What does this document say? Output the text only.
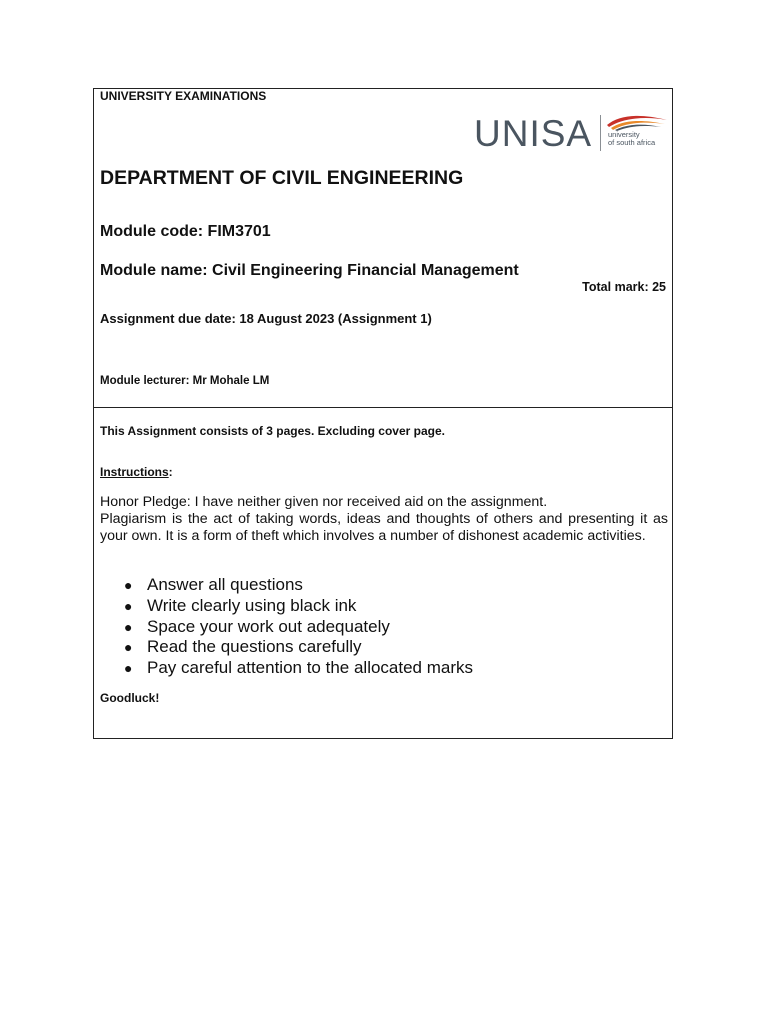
UNIVERSITY EXAMINATIONS
UNISA university
of south africa
DEPARTMENT OF CIVIL ENGINEERING
Module code: FIM3701
Module name: Civil Engineering Financial Management
Total mark: 25
Assignment due date: 18 August 2023 (Assignment 1)
Module lecturer: Mr Mohale LM
This Assignment consists of 3 pages. Excluding cover page.
Instructions:
Honor Pledge: I have neither given nor received aid on the assignment.
Plagiarism is the act of taking words, ideas and thoughts of others and presenting it as your own. It is a form of theft which involves a number of dishonest academic activities.
● Answer all questions
● Write clearly using black ink
● Space your work out adequately
● Read the questions carefully
● Pay careful attention to the allocated marks
Goodluck!
